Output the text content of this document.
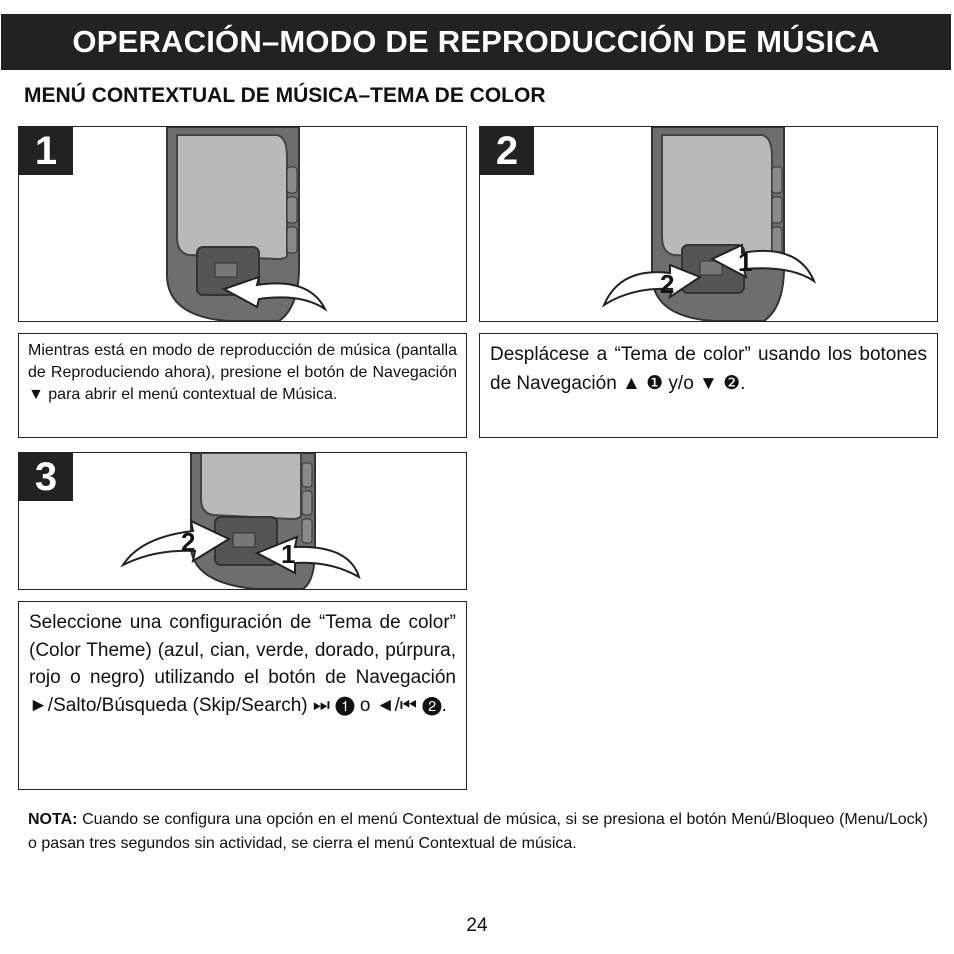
OPERACIÓN–MODO DE REPRODUCCIÓN DE MÚSICA
MENÚ CONTEXTUAL DE MÚSICA–TEMA DE COLOR
1
Mientras está en modo de reproducción de música (pantalla de Reproduciendo ahora), presione el botón de Navegación ▼ para abrir el menú contextual de Música.
1
2
2
Desplácese a “Tema de color” usando los botones de Navegación ▲ ❶ y/o ▼ ❷.
2	1
3
Seleccione una configuración de “Tema de color” (Color Theme) (azul, cian, verde, dorado, púrpura, rojo o negro) utilizando el botón de Navegación ►/Salto/Búsqueda (Skip/Search) ⏭ ❶ o ◄/⏮ ❷.
NOTA: Cuando se configura una opción en el menú Contextual de música, si se presiona el botón Menú/Bloqueo (Menu/Lock) o pasan tres segundos sin actividad, se cierra el menú Contextual de música.
24
